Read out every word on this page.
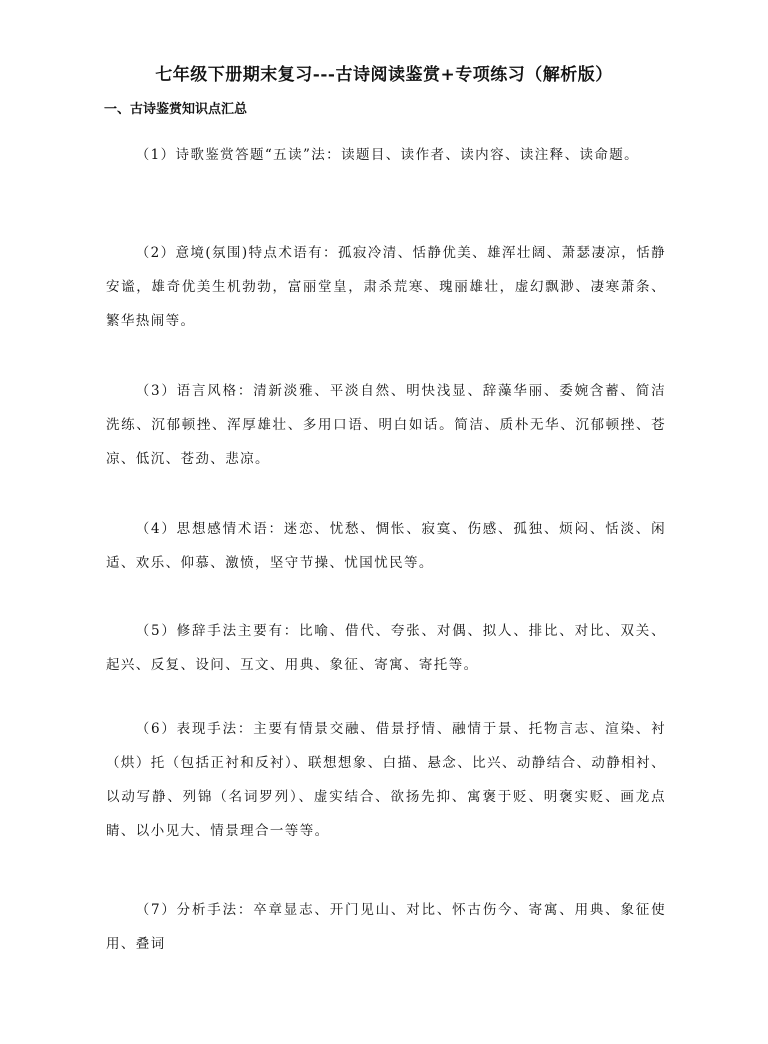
七年级下册期末复习---古诗阅读鉴赏+专项练习（解析版）
一、古诗鉴赏知识点汇总

（1）诗歌鉴赏答题“五读”法：读题目、读作者、读内容、读注释、读命题。

（2）意境(氛围)特点术语有：孤寂冷清、恬静优美、雄浑壮阔、萧瑟凄凉，恬静安谧，雄奇优美生机勃勃，富丽堂皇，肃杀荒寒、瑰丽雄壮，虚幻飘渺、凄寒萧条、繁华热闹等。

（3）语言风格：清新淡雅、平淡自然、明快浅显、辞藻华丽、委婉含蓄、简洁洗练、沉郁顿挫、浑厚雄壮、多用口语、明白如话。简洁、质朴无华、沉郁顿挫、苍凉、低沉、苍劲、悲凉。

（4）思想感情术语：迷恋、忧愁、惆怅、寂寞、伤感、孤独、烦闷、恬淡、闲适、欢乐、仰慕、激愤，坚守节操、忧国忧民等。

（5）修辞手法主要有：比喻、借代、夸张、对偶、拟人、排比、对比、双关、起兴、反复、设问、互文、用典、象征、寄寓、寄托等。

（6）表现手法：主要有情景交融、借景抒情、融情于景、托物言志、渲染、衬（烘）托（包括正衬和反衬）、联想想象、白描、悬念、比兴、动静结合、动静相衬、以动写静、列锦（名词罗列）、虚实结合、欲扬先抑、寓褒于贬、明褒实贬、画龙点睛、以小见大、情景理合一等等。

（7）分析手法：卒章显志、开门见山、对比、怀古伤今、寄寓、用典、象征使用、叠词
